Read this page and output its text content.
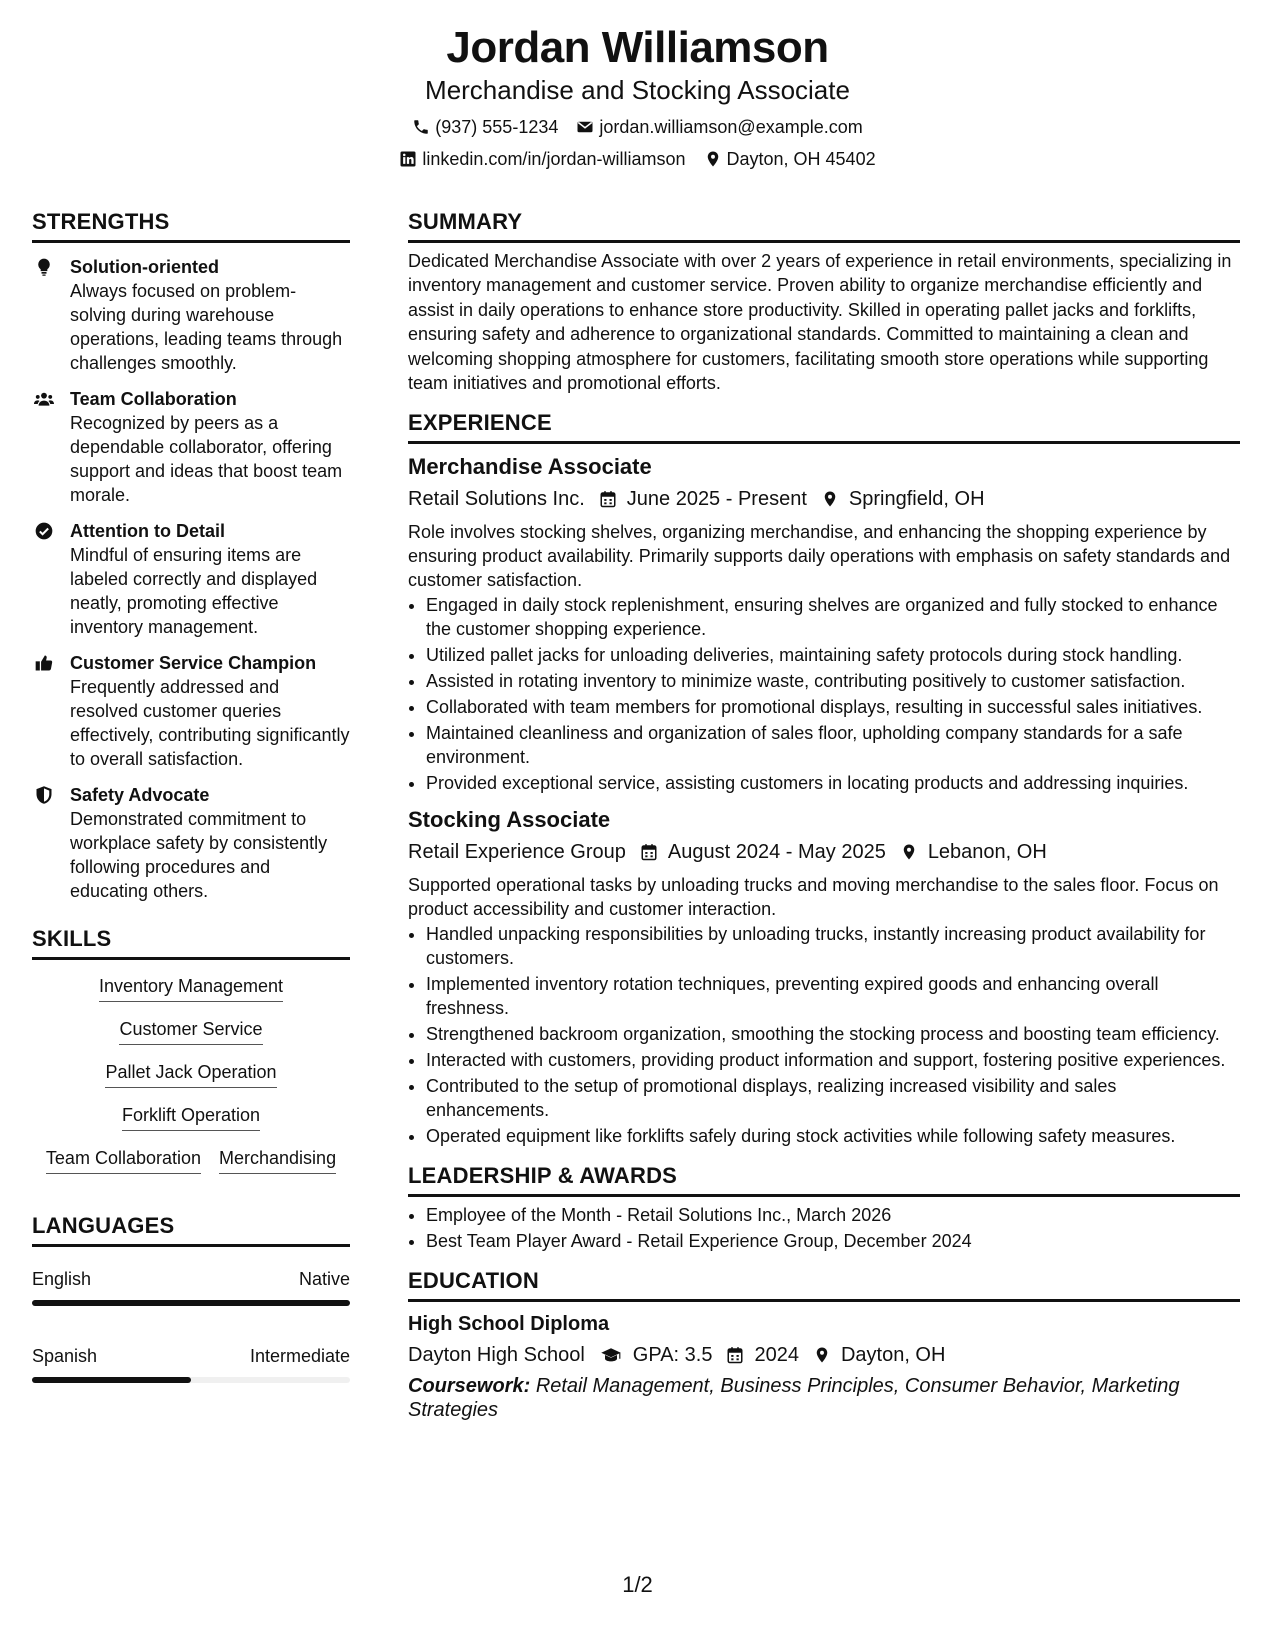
Jordan Williamson
Merchandise and Stocking Associate
(937) 555-1234 jordan.williamson@example.com
linkedin.com/in/jordan-williamson Dayton, OH 45402
STRENGTHS
Solution-oriented
Always focused on problem-solving during warehouse operations, leading teams through challenges smoothly.
Team Collaboration
Recognized by peers as a dependable collaborator, offering support and ideas that boost team morale.
Attention to Detail
Mindful of ensuring items are labeled correctly and displayed neatly, promoting effective inventory management.
Customer Service Champion
Frequently addressed and resolved customer queries effectively, contributing significantly to overall satisfaction.
Safety Advocate
Demonstrated commitment to workplace safety by consistently following procedures and educating others.
SKILLS
Inventory Management
Customer Service
Pallet Jack Operation
Forklift Operation
Team Collaboration Merchandising
LANGUAGES
English	Native
Spanish	Intermediate
SUMMARY
Dedicated Merchandise Associate with over 2 years of experience in retail environments, specializing in inventory management and customer service. Proven ability to organize merchandise efficiently and assist in daily operations to enhance store productivity. Skilled in operating pallet jacks and forklifts, ensuring safety and adherence to organizational standards. Committed to maintaining a clean and welcoming shopping atmosphere for customers, facilitating smooth store operations while supporting team initiatives and promotional efforts.
EXPERIENCE
Merchandise Associate
Retail Solutions Inc. June 2025 - Present Springfield, OH
Role involves stocking shelves, organizing merchandise, and enhancing the shopping experience by ensuring product availability. Primarily supports daily operations with emphasis on safety standards and customer satisfaction.
• Engaged in daily stock replenishment, ensuring shelves are organized and fully stocked to enhance the customer shopping experience.
• Utilized pallet jacks for unloading deliveries, maintaining safety protocols during stock handling.
• Assisted in rotating inventory to minimize waste, contributing positively to customer satisfaction.
• Collaborated with team members for promotional displays, resulting in successful sales initiatives.
• Maintained cleanliness and organization of sales floor, upholding company standards for a safe environment.
• Provided exceptional service, assisting customers in locating products and addressing inquiries.
Stocking Associate
Retail Experience Group August 2024 - May 2025 Lebanon, OH
Supported operational tasks by unloading trucks and moving merchandise to the sales floor. Focus on product accessibility and customer interaction.
• Handled unpacking responsibilities by unloading trucks, instantly increasing product availability for customers.
• Implemented inventory rotation techniques, preventing expired goods and enhancing overall freshness.
• Strengthened backroom organization, smoothing the stocking process and boosting team efficiency.
• Interacted with customers, providing product information and support, fostering positive experiences.
• Contributed to the setup of promotional displays, realizing increased visibility and sales enhancements.
• Operated equipment like forklifts safely during stock activities while following safety measures.
LEADERSHIP & AWARDS
• Employee of the Month - Retail Solutions Inc., March 2026
• Best Team Player Award - Retail Experience Group, December 2024
EDUCATION
High School Diploma
Dayton High School GPA: 3.5 2024 Dayton, OH
Coursework: Retail Management, Business Principles, Consumer Behavior, Marketing Strategies
1/2
